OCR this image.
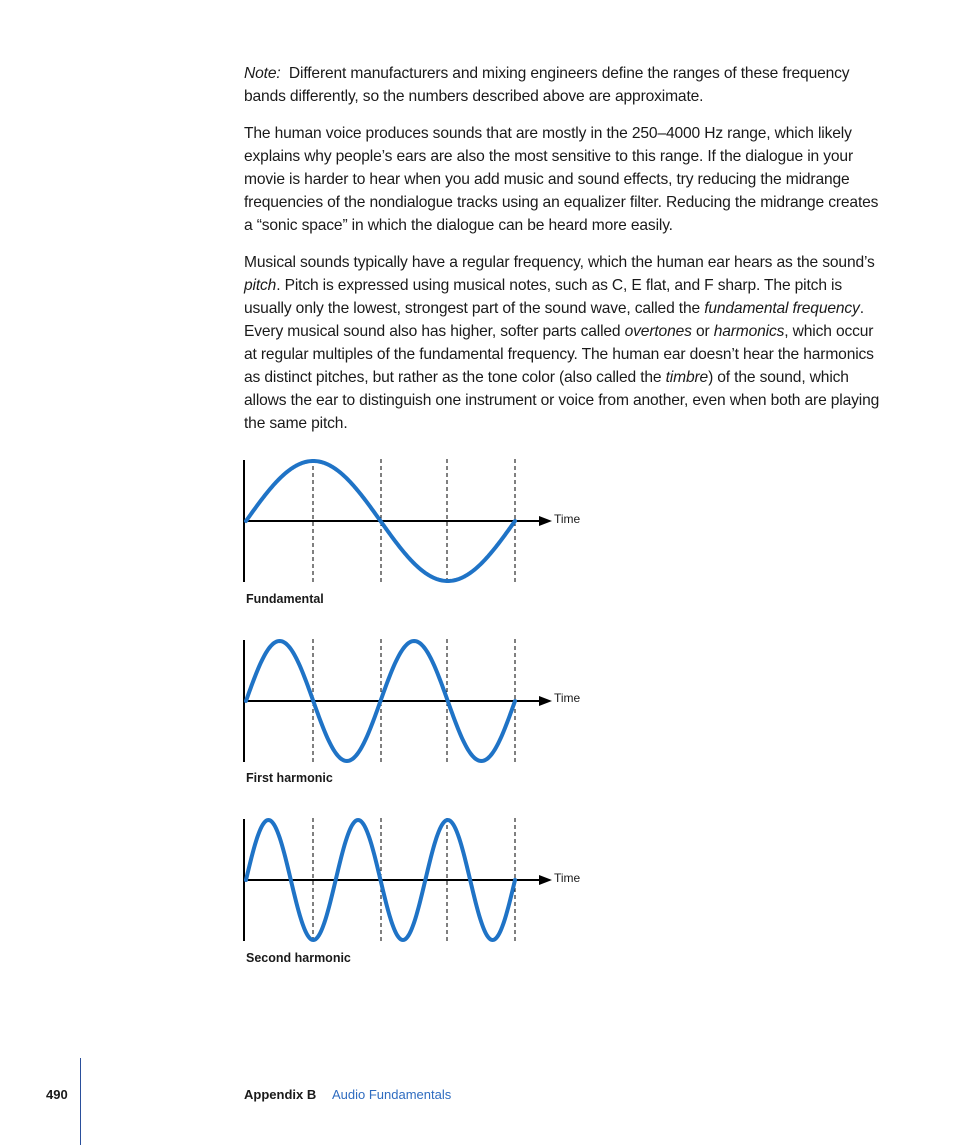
Note: Different manufacturers and mixing engineers define the ranges of these frequency bands differently, so the numbers described above are approximate.

The human voice produces sounds that are mostly in the 250–4000 Hz range, which likely explains why people’s ears are also the most sensitive to this range. If the dialogue in your movie is harder to hear when you add music and sound effects, try reducing the midrange frequencies of the nondialogue tracks using an equalizer filter. Reducing the midrange creates a “sonic space” in which the dialogue can be heard more easily.

Musical sounds typically have a regular frequency, which the human ear hears as the sound’s pitch. Pitch is expressed using musical notes, such as C, E flat, and F sharp. The pitch is usually only the lowest, strongest part of the sound wave, called the fundamental frequency. Every musical sound also has higher, softer parts called overtones or harmonics, which occur at regular multiples of the fundamental frequency. The human ear doesn’t hear the harmonics as distinct pitches, but rather as the tone color (also called the timbre) of the sound, which allows the ear to distinguish one instrument or voice from another, even when both are playing the same pitch.

Time
Fundamental
Time
First harmonic
Time
Second harmonic
490	Appendix B Audio Fundamentals
